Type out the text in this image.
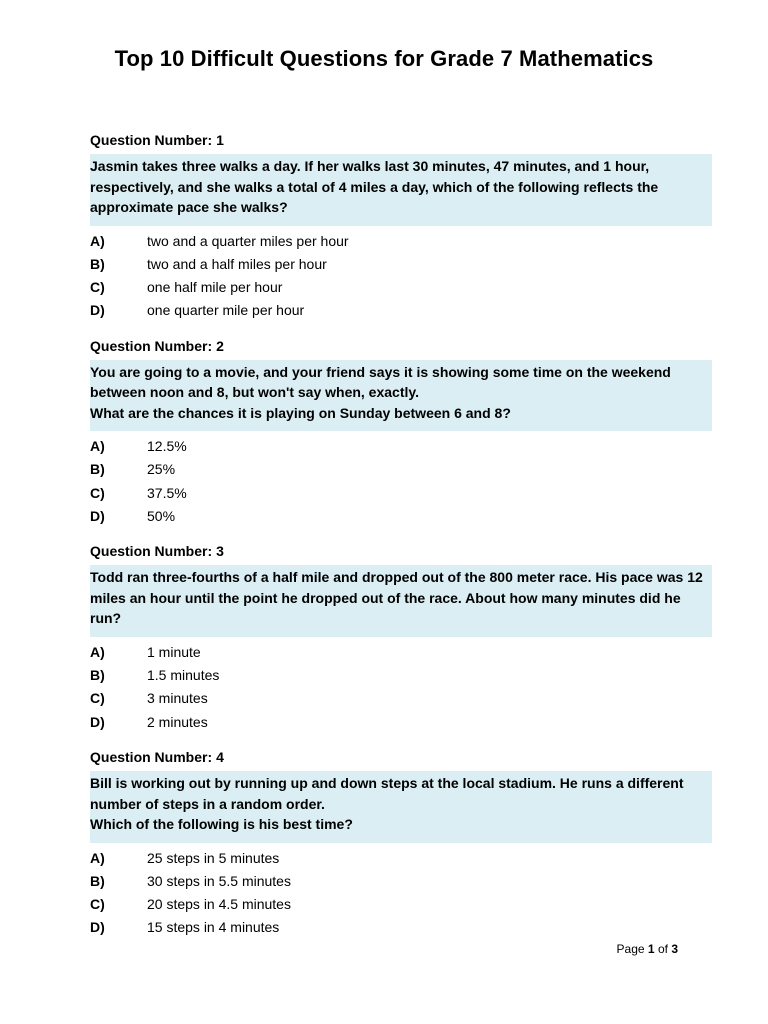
Top 10 Difficult Questions for Grade 7 Mathematics
Question Number: 1
Jasmin takes three walks a day. If her walks last 30 minutes, 47 minutes, and 1 hour, respectively, and she walks a total of 4 miles a day, which of the following reflects the approximate pace she walks?
A)	two and a quarter miles per hour
B)	two and a half miles per hour
C)	one half mile per hour
D)	one quarter mile per hour
Question Number: 2
You are going to a movie, and your friend says it is showing some time on the weekend between noon and 8, but won't say when, exactly.
What are the chances it is playing on Sunday between 6 and 8?
A)	12.5%
B)	25%
C)	37.5%
D)	50%
Question Number: 3
Todd ran three-fourths of a half mile and dropped out of the 800 meter race. His pace was 12 miles an hour until the point he dropped out of the race. About how many minutes did he run?
A)	1 minute
B)	1.5 minutes
C)	3 minutes
D)	2 minutes
Question Number: 4
Bill is working out by running up and down steps at the local stadium. He runs a different number of steps in a random order.
Which of the following is his best time?
A)	25 steps in 5 minutes
B)	30 steps in 5.5 minutes
C)	20 steps in 4.5 minutes
D)	15 steps in 4 minutes
Page 1 of 3
